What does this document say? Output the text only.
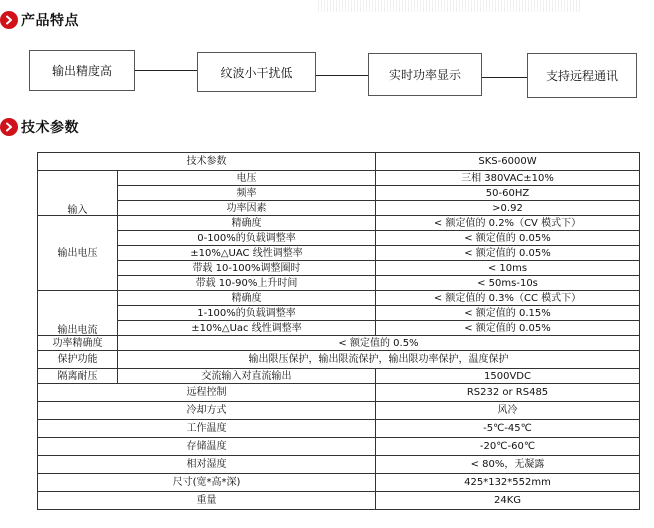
产品特点
输出精度高	纹波小干扰低	实时功率显示	支持远程通讯
技术参数
技术参数		SKS-6000W
输入	电压	三相 380VAC±10%
	频率	50-60HZ
	功率因素	>0.92
输出电压	精确度	< 额定值的 0.2%（CV 模式下）
	0-100%的负载调整率	< 额定值的 0.05%
	±10%△UAC 线性调整率	< 额定值的 0.05%
	带载 10-100%调整圈时	< 10ms
	带载 10-90%上升时间	< 50ms-10s
输出电流	精确度	< 额定值的 0.3%（CC 模式下）
	1-100%的负载调整率	< 额定值的 0.15%
	±10%△Uac 线性调整率	< 额定值的 0.05%
功率精确度	< 额定值的 0.5%	
保护功能	输出限压保护，输出限流保护，输出限功率保护，温度保护	
隔离耐压	交流输入对直流输出	1500VDC
远程控制		RS232 or RS485
冷却方式		风冷
工作温度		-5℃-45℃
存储温度		-20℃-60℃
相对湿度		< 80%，无凝露
尺寸(宽*高*深)		425*132*552mm
重量		24KG
